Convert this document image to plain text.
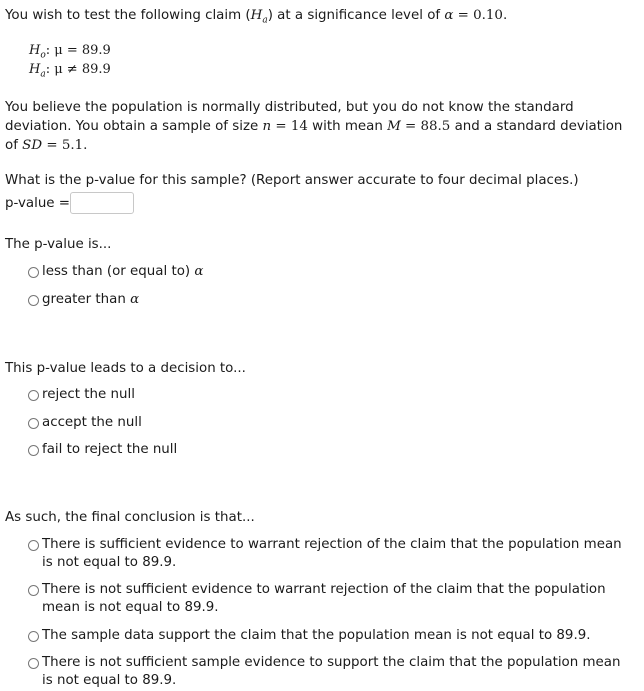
You wish to test the following claim $(H_a)$ at a significance level of α = 0.10.
$H_o$: μ = 89.9
$H_a$: μ ≠ 89.9
You believe the population is normally distributed, but you do not know the standard
deviation. You obtain a sample of size n = 14 with mean M = 88.5 and a standard deviation
of SD = 5.1.
What is the p-value for this sample? (Report answer accurate to four decimal places.)
p-value =
The p-value is...
less than (or equal to) α
greater than α
This p-value leads to a decision to...
reject the null
accept the null
fail to reject the null
As such, the final conclusion is that...
There is sufficient evidence to warrant rejection of the claim that the population mean is not equal to 89.9.
There is not sufficient evidence to warrant rejection of the claim that the population mean is not equal to 89.9.
The sample data support the claim that the population mean is not equal to 89.9.
There is not sufficient sample evidence to support the claim that the population mean is not equal to 89.9.
